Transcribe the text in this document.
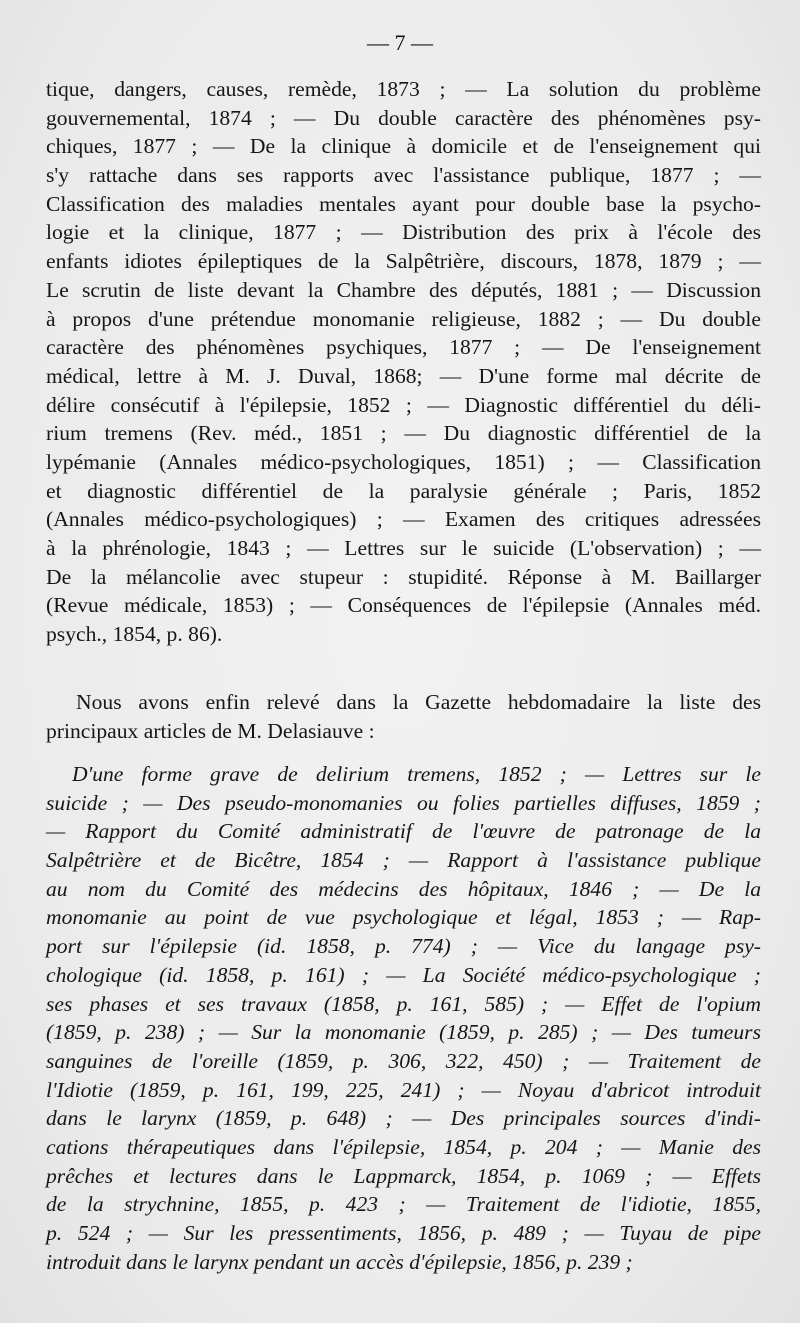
— 7 —
tique, dangers, causes, remède, 1873 ; — La solution du problème
gouvernemental, 1874 ; — Du double caractère des phénomènes psy-
chiques, 1877 ; — De la clinique à domicile et de l'enseignement qui
s'y rattache dans ses rapports avec l'assistance publique, 1877 ; —
Classification des maladies mentales ayant pour double base la psycho-
logie et la clinique, 1877 ; — Distribution des prix à l'école des
enfants idiotes épileptiques de la Salpêtrière, discours, 1878, 1879 ; —
Le scrutin de liste devant la Chambre des députés, 1881 ; — Discussion
à propos d'une prétendue monomanie religieuse, 1882 ; — Du double
caractère des phénomènes psychiques, 1877 ; — De l'enseignement
médical, lettre à M. J. Duval, 1868; — D'une forme mal décrite de
délire consécutif à l'épilepsie, 1852 ; — Diagnostic différentiel du déli-
rium tremens (Rev. méd., 1851 ; — Du diagnostic différentiel de la
lypémanie (Annales médico-psychologiques, 1851) ; — Classification
et diagnostic différentiel de la paralysie générale ; Paris, 1852
(Annales médico-psychologiques) ; — Examen des critiques adressées
à la phrénologie, 1843 ; — Lettres sur le suicide (L'observation) ; —
De la mélancolie avec stupeur : stupidité. Réponse à M. Baillarger
(Revue médicale, 1853) ; — Conséquences de l'épilepsie (Annales méd.
psych., 1854, p. 86).
Nous avons enfin relevé dans la Gazette hebdomadaire la liste des
principaux articles de M. Delasiauve :
D'une forme grave de delirium tremens, 1852 ; — Lettres sur le
suicide ; — Des pseudo-monomanies ou folies partielles diffuses, 1859 ;
— Rapport du Comité administratif de l'œuvre de patronage de la
Salpêtrière et de Bicêtre, 1854 ; — Rapport à l'assistance publique
au nom du Comité des médecins des hôpitaux, 1846 ; — De la
monomanie au point de vue psychologique et légal, 1853 ; — Rap-
port sur l'épilepsie (id. 1858, p. 774) ; — Vice du langage psy-
chologique (id. 1858, p. 161) ; — La Société médico-psychologique ;
ses phases et ses travaux (1858, p. 161, 585) ; — Effet de l'opium
(1859, p. 238) ; — Sur la monomanie (1859, p. 285) ; — Des tumeurs
sanguines de l'oreille (1859, p. 306, 322, 450) ; — Traitement de
l'Idiotie (1859, p. 161, 199, 225, 241) ; — Noyau d'abricot introduit
dans le larynx (1859, p. 648) ; — Des principales sources d'indi-
cations thérapeutiques dans l'épilepsie, 1854, p. 204 ; — Manie des
prêches et lectures dans le Lappmarck, 1854, p. 1069 ; — Effets
de la strychnine, 1855, p. 423 ; — Traitement de l'idiotie, 1855,
p. 524 ; — Sur les pressentiments, 1856, p. 489 ; — Tuyau de pipe
introduit dans le larynx pendant un accès d'épilepsie, 1856, p. 239 ;
